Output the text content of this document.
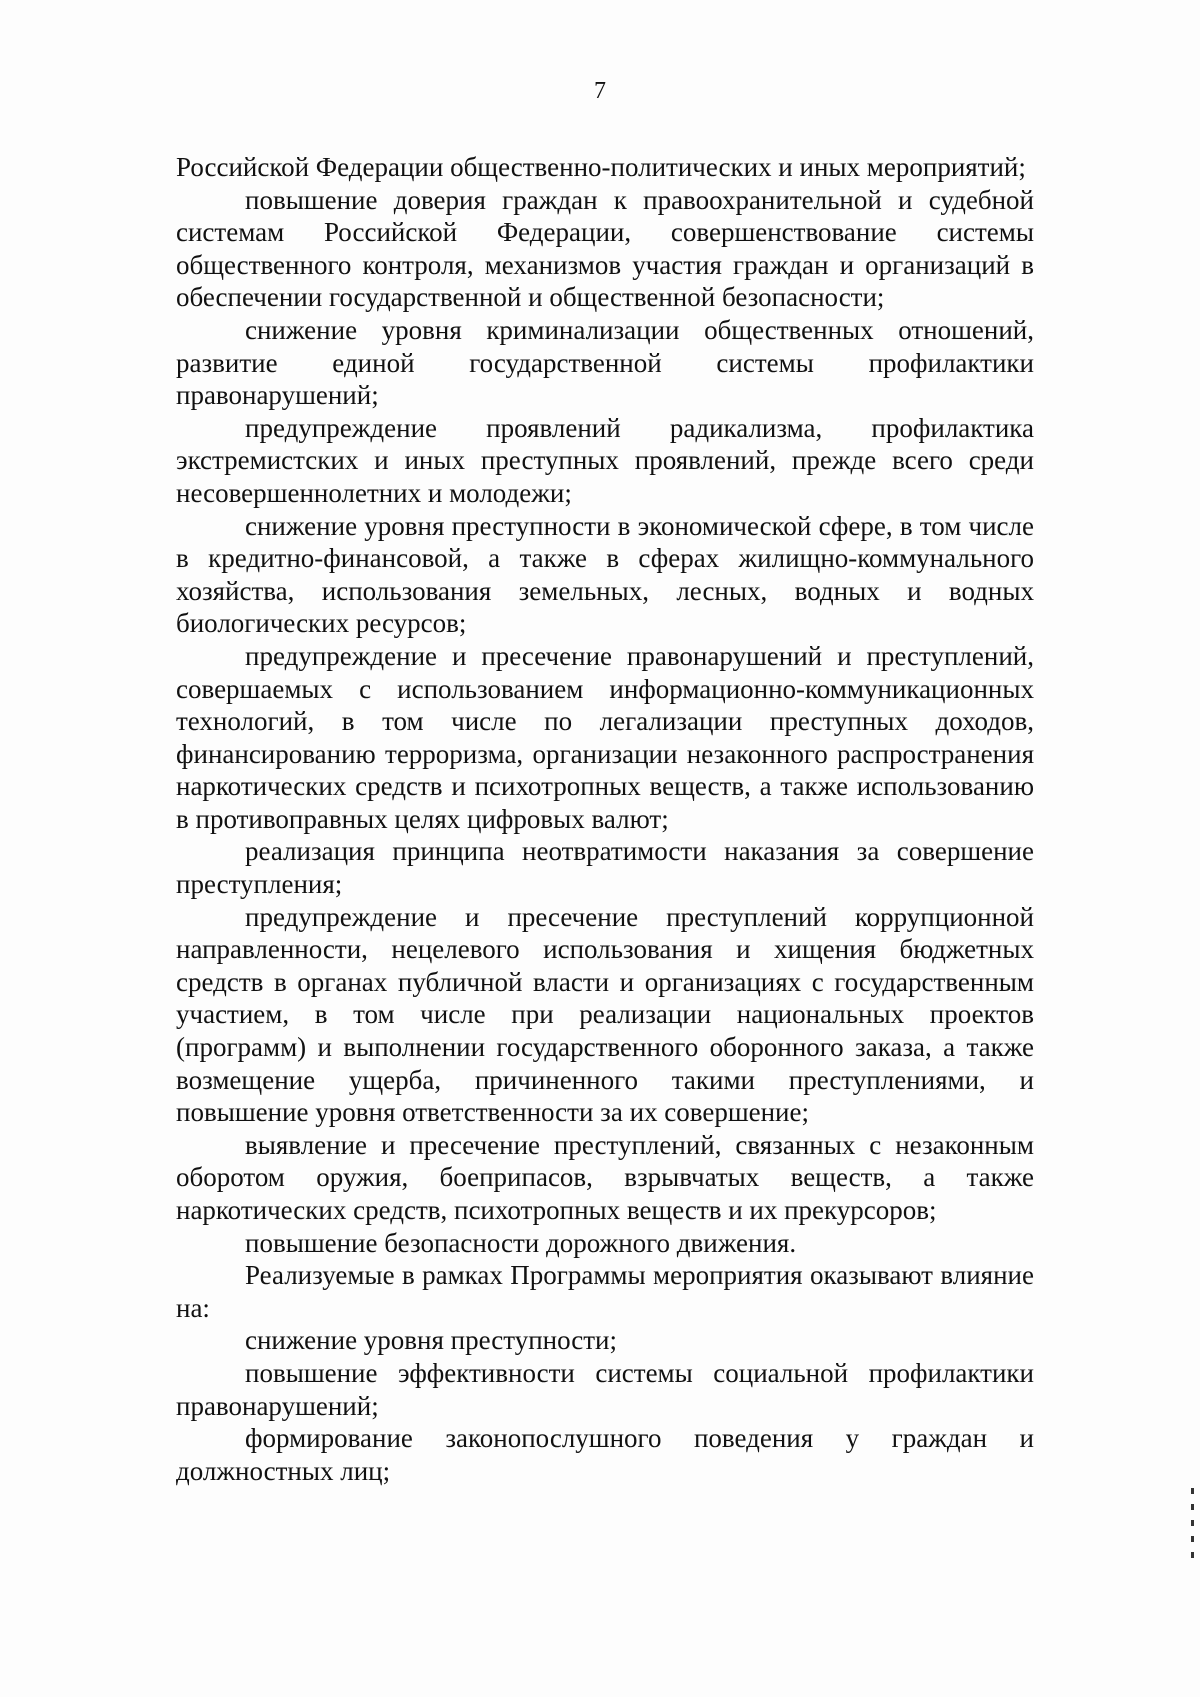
7

Российской Федерации общественно-политических и иных мероприятий;

повышение доверия граждан к правоохранительной и судебной системам Российской Федерации, совершенствование системы общественного контроля, механизмов участия граждан и организаций в обеспечении государственной и общественной безопасности;

снижение уровня криминализации общественных отношений, развитие единой государственной системы профилактики правонарушений;

предупреждение проявлений радикализма, профилактика экстремистских и иных преступных проявлений, прежде всего среди несовершеннолетних и молодежи;

снижение уровня преступности в экономической сфере, в том числе в кредитно-финансовой, а также в сферах жилищно-коммунального хозяйства, использования земельных, лесных, водных и водных биологических ресурсов;

предупреждение и пресечение правонарушений и преступлений, совершаемых с использованием информационно-коммуникационных технологий, в том числе по легализации преступных доходов, финансированию терроризма, организации незаконного распространения наркотических средств и психотропных веществ, а также использованию в противоправных целях цифровых валют;

реализация принципа неотвратимости наказания за совершение преступления;

предупреждение и пресечение преступлений коррупционной направленности, нецелевого использования и хищения бюджетных средств в органах публичной власти и организациях с государственным участием, в том числе при реализации национальных проектов (программ) и выполнении государственного оборонного заказа, а также возмещение ущерба, причиненного такими преступлениями, и повышение уровня ответственности за их совершение;

выявление и пресечение преступлений, связанных с незаконным оборотом оружия, боеприпасов, взрывчатых веществ, а также наркотических средств, психотропных веществ и их прекурсоров;

повышение безопасности дорожного движения.

Реализуемые в рамках Программы мероприятия оказывают влияние на:

снижение уровня преступности;

повышение эффективности системы социальной профилактики правонарушений;

формирование законопослушного поведения у граждан и должностных лиц;
